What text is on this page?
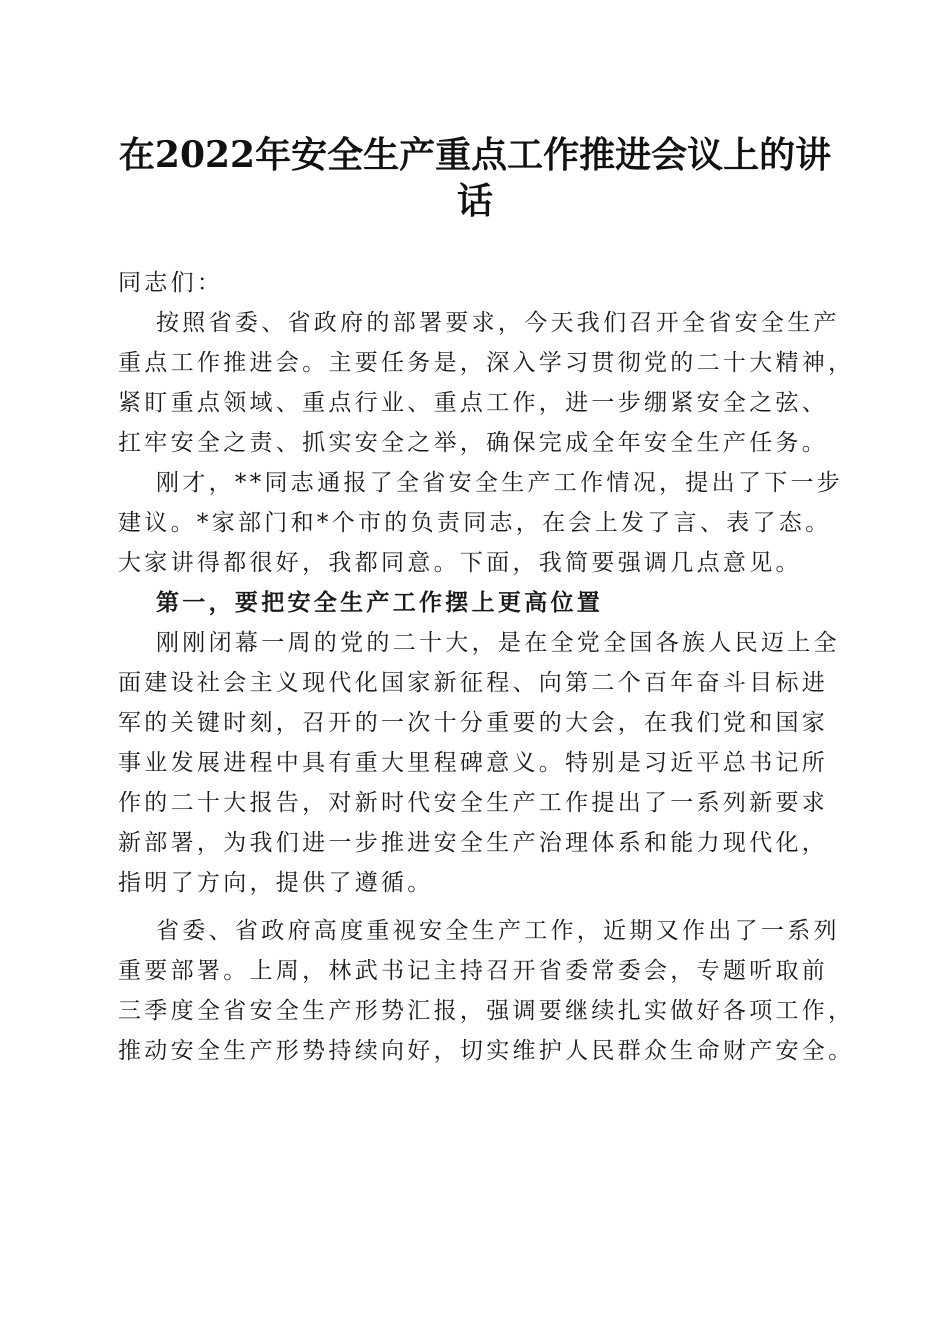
在2022年安全生产重点工作推进会议上的讲
话
同志们：
按照省委、省政府的部署要求，今天我们召开全省安全生产
重点工作推进会。主要任务是，深入学习贯彻党的二十大精神，
紧盯重点领域、重点行业、重点工作，进一步绷紧安全之弦、
扛牢安全之责、抓实安全之举，确保完成全年安全生产任务。
刚才，**同志通报了全省安全生产工作情况，提出了下一步
建议。*家部门和*个市的负责同志，在会上发了言、表了态。
大家讲得都很好，我都同意。下面，我简要强调几点意见。
第一，要把安全生产工作摆上更高位置
刚刚闭幕一周的党的二十大，是在全党全国各族人民迈上全
面建设社会主义现代化国家新征程、向第二个百年奋斗目标进
军的关键时刻，召开的一次十分重要的大会，在我们党和国家
事业发展进程中具有重大里程碑意义。特别是习近平总书记所
作的二十大报告，对新时代安全生产工作提出了一系列新要求
新部署，为我们进一步推进安全生产治理体系和能力现代化，
指明了方向，提供了遵循。
省委、省政府高度重视安全生产工作，近期又作出了一系列
重要部署。上周，林武书记主持召开省委常委会，专题听取前
三季度全省安全生产形势汇报，强调要继续扎实做好各项工作，
推动安全生产形势持续向好，切实维护人民群众生命财产安全。
